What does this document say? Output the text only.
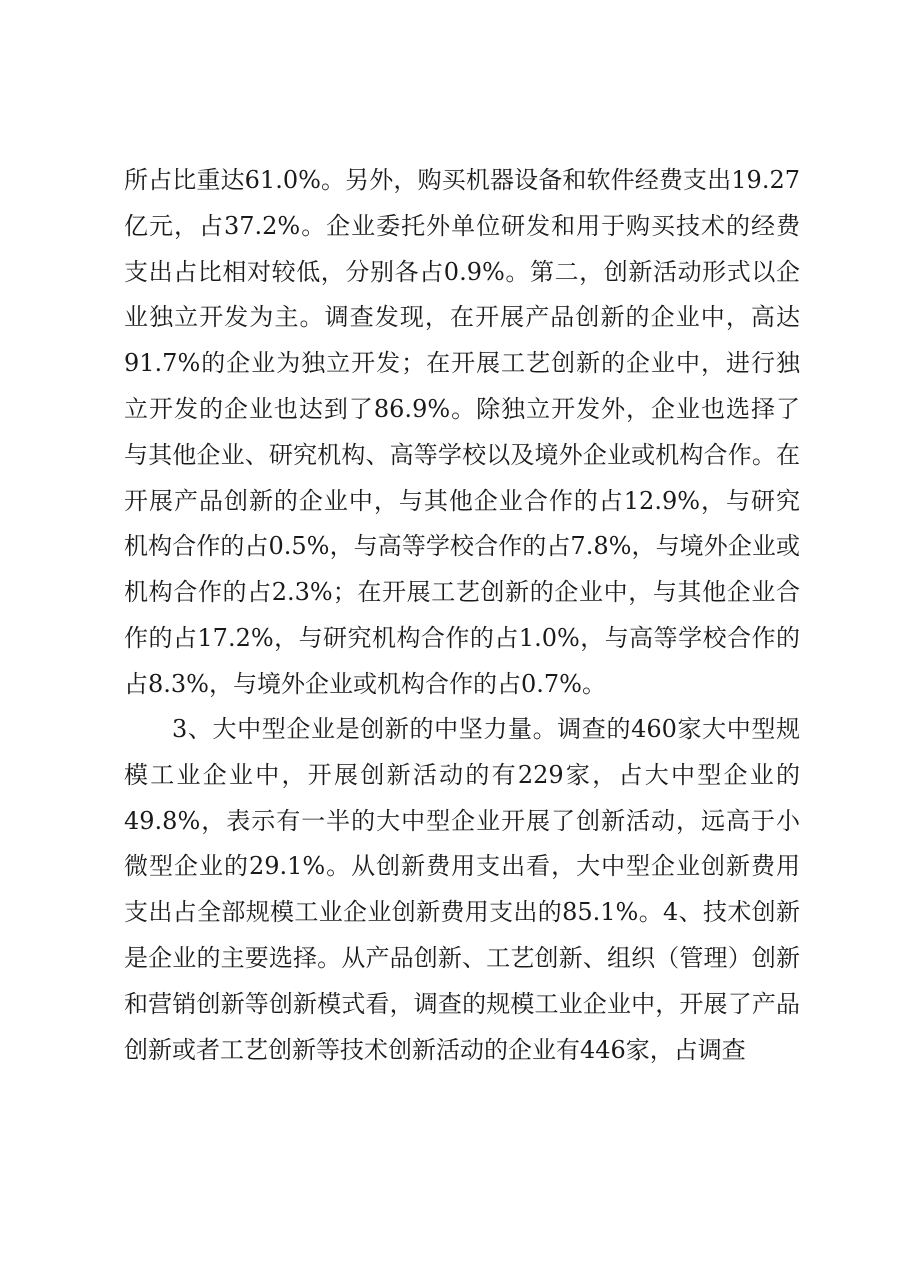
所占比重达61.0%。另外，购买机器设备和软件经费支出19.27亿元，占37.2%。企业委托外单位研发和用于购买技术的经费支出占比相对较低，分别各占0.9%。第二，创新活动形式以企业独立开发为主。调查发现，在开展产品创新的企业中，高达91.7%的企业为独立开发；在开展工艺创新的企业中，进行独立开发的企业也达到了86.9%。除独立开发外，企业也选择了与其他企业、研究机构、高等学校以及境外企业或机构合作。在开展产品创新的企业中，与其他企业合作的占12.9%，与研究机构合作的占0.5%，与高等学校合作的占7.8%，与境外企业或机构合作的占2.3%；在开展工艺创新的企业中，与其他企业合作的占17.2%，与研究机构合作的占1.0%，与高等学校合作的占8.3%，与境外企业或机构合作的占0.7%。

3、大中型企业是创新的中坚力量。调查的460家大中型规模工业企业中，开展创新活动的有229家，占大中型企业的49.8%，表示有一半的大中型企业开展了创新活动，远高于小微型企业的29.1%。从创新费用支出看，大中型企业创新费用支出占全部规模工业企业创新费用支出的85.1%。4、技术创新是企业的主要选择。从产品创新、工艺创新、组织（管理）创新和营销创新等创新模式看，调查的规模工业企业中，开展了产品创新或者工艺创新等技术创新活动的企业有446家，占调查
